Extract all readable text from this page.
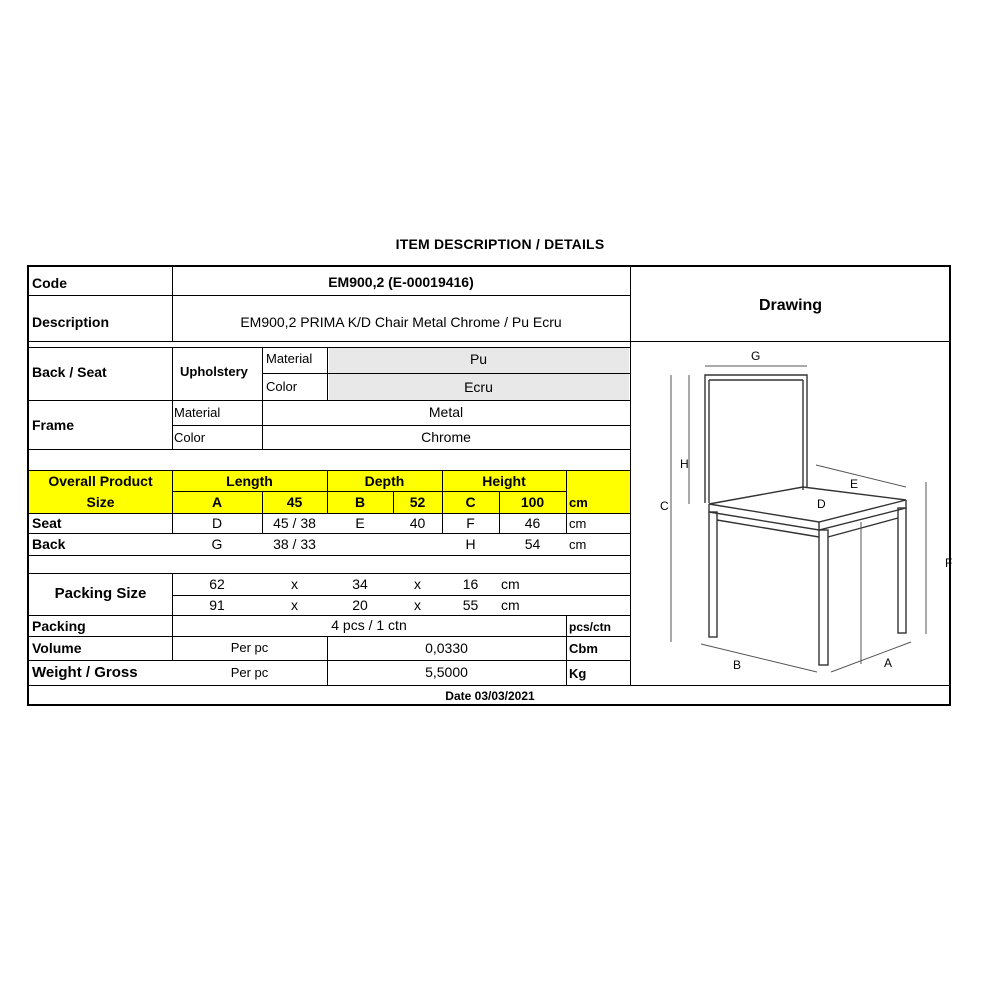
ITEM DESCRIPTION / DETAILS
Code	EM900,2 (E-00019416)
Description	EM900,2 PRIMA K/D Chair Metal Chrome / Pu Ecru
Drawing
Back / Seat	Upholstery
Material	Pu
Color	Ecru
Frame
Material	Metal
Color	Chrome
Overall Product
Size
Length	Depth	Height
A	45	B	52	C	100	cm
Seat	D	45 / 38	E	40	F	46	cm
Back	G	38 / 33	H	54	cm
Packing Size
62	x	34	x	16	cm
91	x	20	x	55	cm
Packing	4 pcs / 1 ctn	pcs/ctn
Volume	Per pc	0,0330	Cbm
Weight / Gross	Per pc	5,5000	Kg
Date 03/03/2021
G
H
C
E
D
F
B	A
